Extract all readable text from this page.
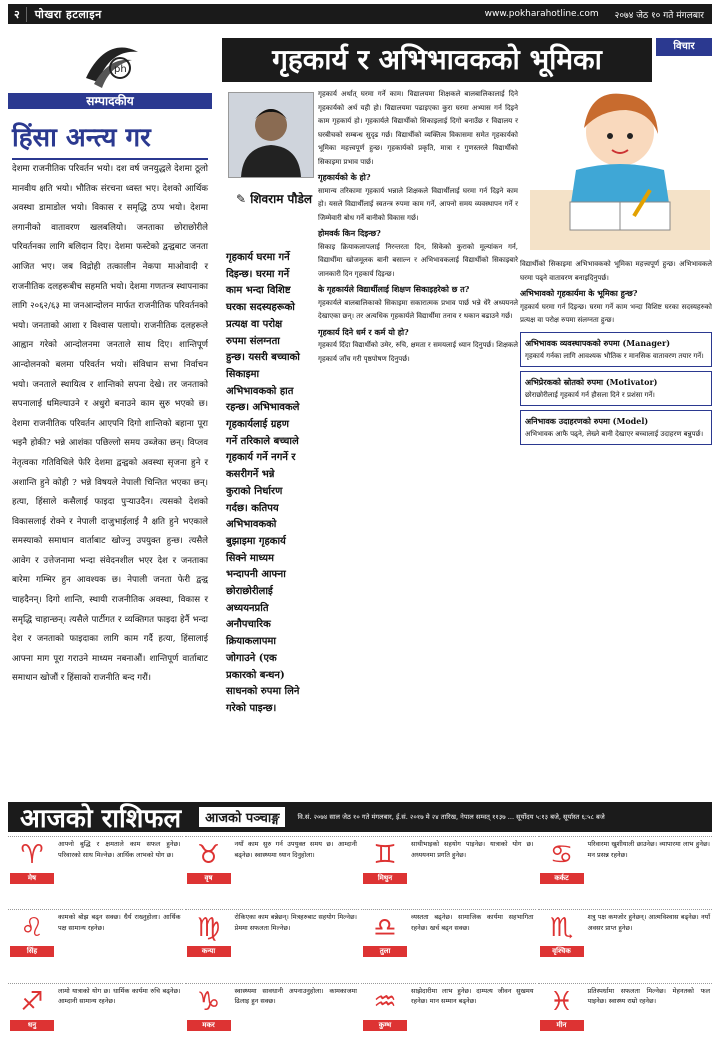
२	पोखरा हटलाइन	www.pokharahotline.com	२०७४ जेठ १० गते मंगलबार
ph
सम्पादकीय
हिंसा अन्त्य गर
देशमा राजनीतिक परिवर्तन भयो। दश वर्ष जनयुद्धले देशमा ठूलो मानवीय क्षति भयो। भौतिक संरचना ध्वस्त भए। देशको आर्थिक अवस्था डामाडोल भयो। विकास र समृद्धि ठप्प भयो। देशमा लगानीको वातावरण खलबलियो। जनताका छोराछोरीले परिवर्तनका लागि बलिदान दिए। देशमा फस्टेको द्वन्द्वबाट जनता आजित भए। जब विद्रोही तत्कालीन नेकपा माओवादी र राजनीतिक दलहरूबीच सहमति भयो। देशमा गणतन्त्र स्थापनाका लागि २०६२/६३ मा जनआन्दोलन मार्फत राजनीतिक परिवर्तनको भयो। जनताको आशा र विश्वास पलायो। राजनीतिक दलहरूले आह्वान गरेको आन्दोलनमा जनताले साथ दिए। शान्तिपूर्ण आन्दोलनको बलमा परिवर्तन भयो। संविधान सभा निर्वाचन भयो। जनताले स्थायित्व र शान्तिको सपना देखे। तर जनताको सपनालाई धमिल्याउने र अधुरो बनाउने काम सुरु भएको छ। देशमा राजनीतिक परिवर्तन आएपनि दिगो शान्तिको बहाना पूरा भइनै होकी? भन्ने आशंका पछिल्लो समय उब्जेका छन्। विप्लव नेतृत्वका गतिविधिले फेरि देशमा द्वन्द्वको अवस्था सृजना हुने र अशान्ति हुने कोही ? भन्ने विषयले नेपाली चिन्तित भएका छन्। हत्या, हिंसाले कसैलाई फाइदा पुऱ्याउदैन। त्यसको देशको विकासलाई रोक्ने र नेपाली दाजुभाईलाई नै क्षति हुने भएकाले समस्याको समाधान वार्ताबाट खोज्नु उपयुक्त हुन्छ। त्यसैले आवेग र उत्तेजनामा भन्दा संवेदनशील भएर देश र जनताका बारेमा गम्भिर हुन आवश्यक छ। नेपाली जनता फेरी द्वन्द्व चाहदैनन्। दिगो शान्ति, स्थायी राजनीतिक अवस्था, विकास र समृद्धि चाहान्छन्। त्यसैले पार्टीगत र व्यक्तिगत फाइदा हेर्नै भन्दा देश र जनताको फाइदाका लागि काम गर्दै हत्या, हिंसालाई आफ्ना माग पूरा गराउने माध्यम नबनाऔं। शान्तिपूर्ण वार्ताबाट समाधान खोजौं र हिंसाको राजनीति बन्द गरौं।
गृहकार्य र अभिभावकको भूमिका	विचार
✎ शिवराम पौडेल
गृहकार्य घरमा गर्ने दिइन्छ। घरमा गर्ने काम भन्दा विशिष्ट घरका सदस्यहरूको प्रत्यक्ष वा परोक्ष रुपमा संलग्नता हुन्छ। यसरी बच्चाको सिकाइमा अभिभावकको हात रहन्छ। अभिभावकले गृहकार्यलाई ग्रहण गर्ने तरिकाले बच्चाले गृहकार्य गर्ने नगर्ने र कसरीगर्ने भन्ने कुराको निर्धारण गर्दछ। कतिपय अभिभावकको बुझाइमा गृहकार्य सिक्ने माध्यम भन्दापनी आफ्ना छोराछोरीलाई अध्ययनप्रति अनौपचारिक क्रियाकलापमा जोगाउने (एक प्रकारको बन्धन) साधनको रुपमा लिने गरेको पाइन्छ।
गृहकार्य अर्थात् घरमा गर्ने काम। विद्यालयमा शिक्षकले बालबालिकालाई दिने गृहकार्यको अर्थ यही हो। विद्यालयमा पढाइएका कुरा घरमा अभ्यास गर्न दिइने काम गृहकार्य हो। गृहकार्यले विद्यार्थीको सिकाइलाई दिगो बनाउँछ र विद्यालय र घरबीचको सम्बन्ध सुदृढ गर्छ। विद्यार्थीको व्यक्तित्व विकासमा समेत गृहकार्यको भूमिका महत्त्वपूर्ण हुन्छ। गृहकार्यको प्रकृति, मात्रा र गुणस्तरले विद्यार्थीको सिकाइमा प्रभाव पार्छ।
गृहकार्यको के हो?
सामान्य तरिकामा गृहकार्य भन्नाले शिक्षकले विद्यार्थीलाई घरमा गर्न दिइने काम हो। यसले विद्यार्थीलाई स्वतन्त्र रुपमा काम गर्ने, आफ्नो समय व्यवस्थापन गर्ने र जिम्मेवारी बोध गर्ने बानीको विकास गर्छ।
होमवर्क किन दिइन्छ?
सिकाइ क्रियाकलापलाई निरन्तरता दिन, सिकेको कुराको मूल्यांकन गर्न, विद्यार्थीमा खोजमूलक बानी बसाल्न र अभिभावकलाई विद्यार्थीको सिकाइबारे जानकारी दिन गृहकार्य दिइन्छ।
के गृहकार्यले विद्यार्थीलाई शिक्षण सिकाइहरेको छ त?
गृहकार्यले बालबालिकाको सिकाइमा सकारात्मक प्रभाव पार्छ भन्ने धेरै अध्ययनले देखाएका छन्। तर अत्यधिक गृहकार्यले विद्यार्थीमा तनाव र थकान बढाउने गर्छ।
गृहकार्य दिने धर्म र कर्म यो हो?
गृहकार्य दिँदा विद्यार्थीको उमेर, रुचि, क्षमता र समयलाई ध्यान दिनुपर्छ। शिक्षकले गृहकार्य जाँच गरी पृष्ठपोषण दिनुपर्छ।
विद्यार्थीको सिकाइमा अभिभावकको भूमिका महत्त्वपूर्ण हुन्छ। अभिभावकले घरमा पढ्ने वातावरण बनाइदिनुपर्छ।
अभिभावको गृहकार्यमा के भूमिका हुन्छ?
गृहकार्य घरमा गर्न दिइन्छ। घरमा गर्ने काम भन्दा विशिष्ट घरका सदस्यहरुको प्रत्यक्ष वा परोक्ष रुपमा संलग्नता हुन्छ।
अभिभावक व्यवस्थापकको रुपमा (Manager)
गृहकार्य गर्नका लागि आवश्यक भौतिक र मानसिक वातावरण तयार गर्ने।
अभिप्रेरकको स्रोतको रुपमा (Motivator)
छोराछोरीलाई गृहकार्य गर्न हौसला दिने र प्रशंसा गर्ने।
अनिभावक उदाहरणको रुपमा (Model)
अभिभावक आफै पढ्ने, लेख्ने बानी देखाएर बच्चालाई उदाहरण बन्नुपर्छ।
आजको राशिफल	आजको पञ्चाङ्ग	वि.सं. २०७४ साल जेठ १० गते मंगलबार, ई.सं. २०१७ मे २४ तारिख, नेपाल सम्वत् ११३७ ... सूर्योदय ५:१३ बजे, सूर्यास्त ६:५८ बजे
♈
मेष
आफ्नो बुद्धि र क्षमताले काम सफल हुनेछ। परिवारको साथ मिल्नेछ। आर्थिक लाभको योग छ। ♉
वृष
नयाँ काम सुरु गर्न उपयुक्त समय छ। आम्दानी बढ्नेछ। स्वास्थ्यमा ध्यान दिनुहोला।	♊
मिथुन
साथीभाइको सहयोग पाइनेछ। यात्राको योग छ। अध्ययनमा प्रगति हुनेछ।	♋
कर्कट
परिवारमा खुशीयाली छाउनेछ। व्यापारमा लाभ हुनेछ। मन प्रसन्न रहनेछ।
♌
सिंह
कामको बोझ बढ्न सक्छ। धैर्य राख्नुहोला। आर्थिक पक्ष सामान्य रहनेछ।	♍
कन्या
रोकिएका काम बन्नेछन्। मित्रहरुबाट सहयोग मिल्नेछ। प्रेममा सफलता मिल्नेछ।	♎
तुला
व्यस्तता बढ्नेछ। सामाजिक कार्यमा सहभागिता रहनेछ। खर्च बढ्न सक्छ।	♏
वृश्चिक
शत्रु पक्ष कमजोर हुनेछन्। आत्मविश्वास बढ्नेछ। नयाँ अवसर प्राप्त हुनेछ।
♐
धनु
लामो यात्राको योग छ। धार्मिक कार्यमा रुचि बढ्नेछ। आम्दानी सामान्य रहनेछ।	♑
मकर
स्वास्थ्यमा सावधानी अपनाउनुहोला। कामकाजमा ढिलाइ हुन सक्छ।	♒
कुम्भ
साझेदारीमा लाभ हुनेछ। दाम्पत्य जीवन सुखमय रहनेछ। मान सम्मान बढ्नेछ।	♓
मीन
प्रतिस्पर्धामा सफलता मिल्नेछ। मेहनतको फल पाइनेछ। स्वास्थ्य राम्रो रहनेछ।
